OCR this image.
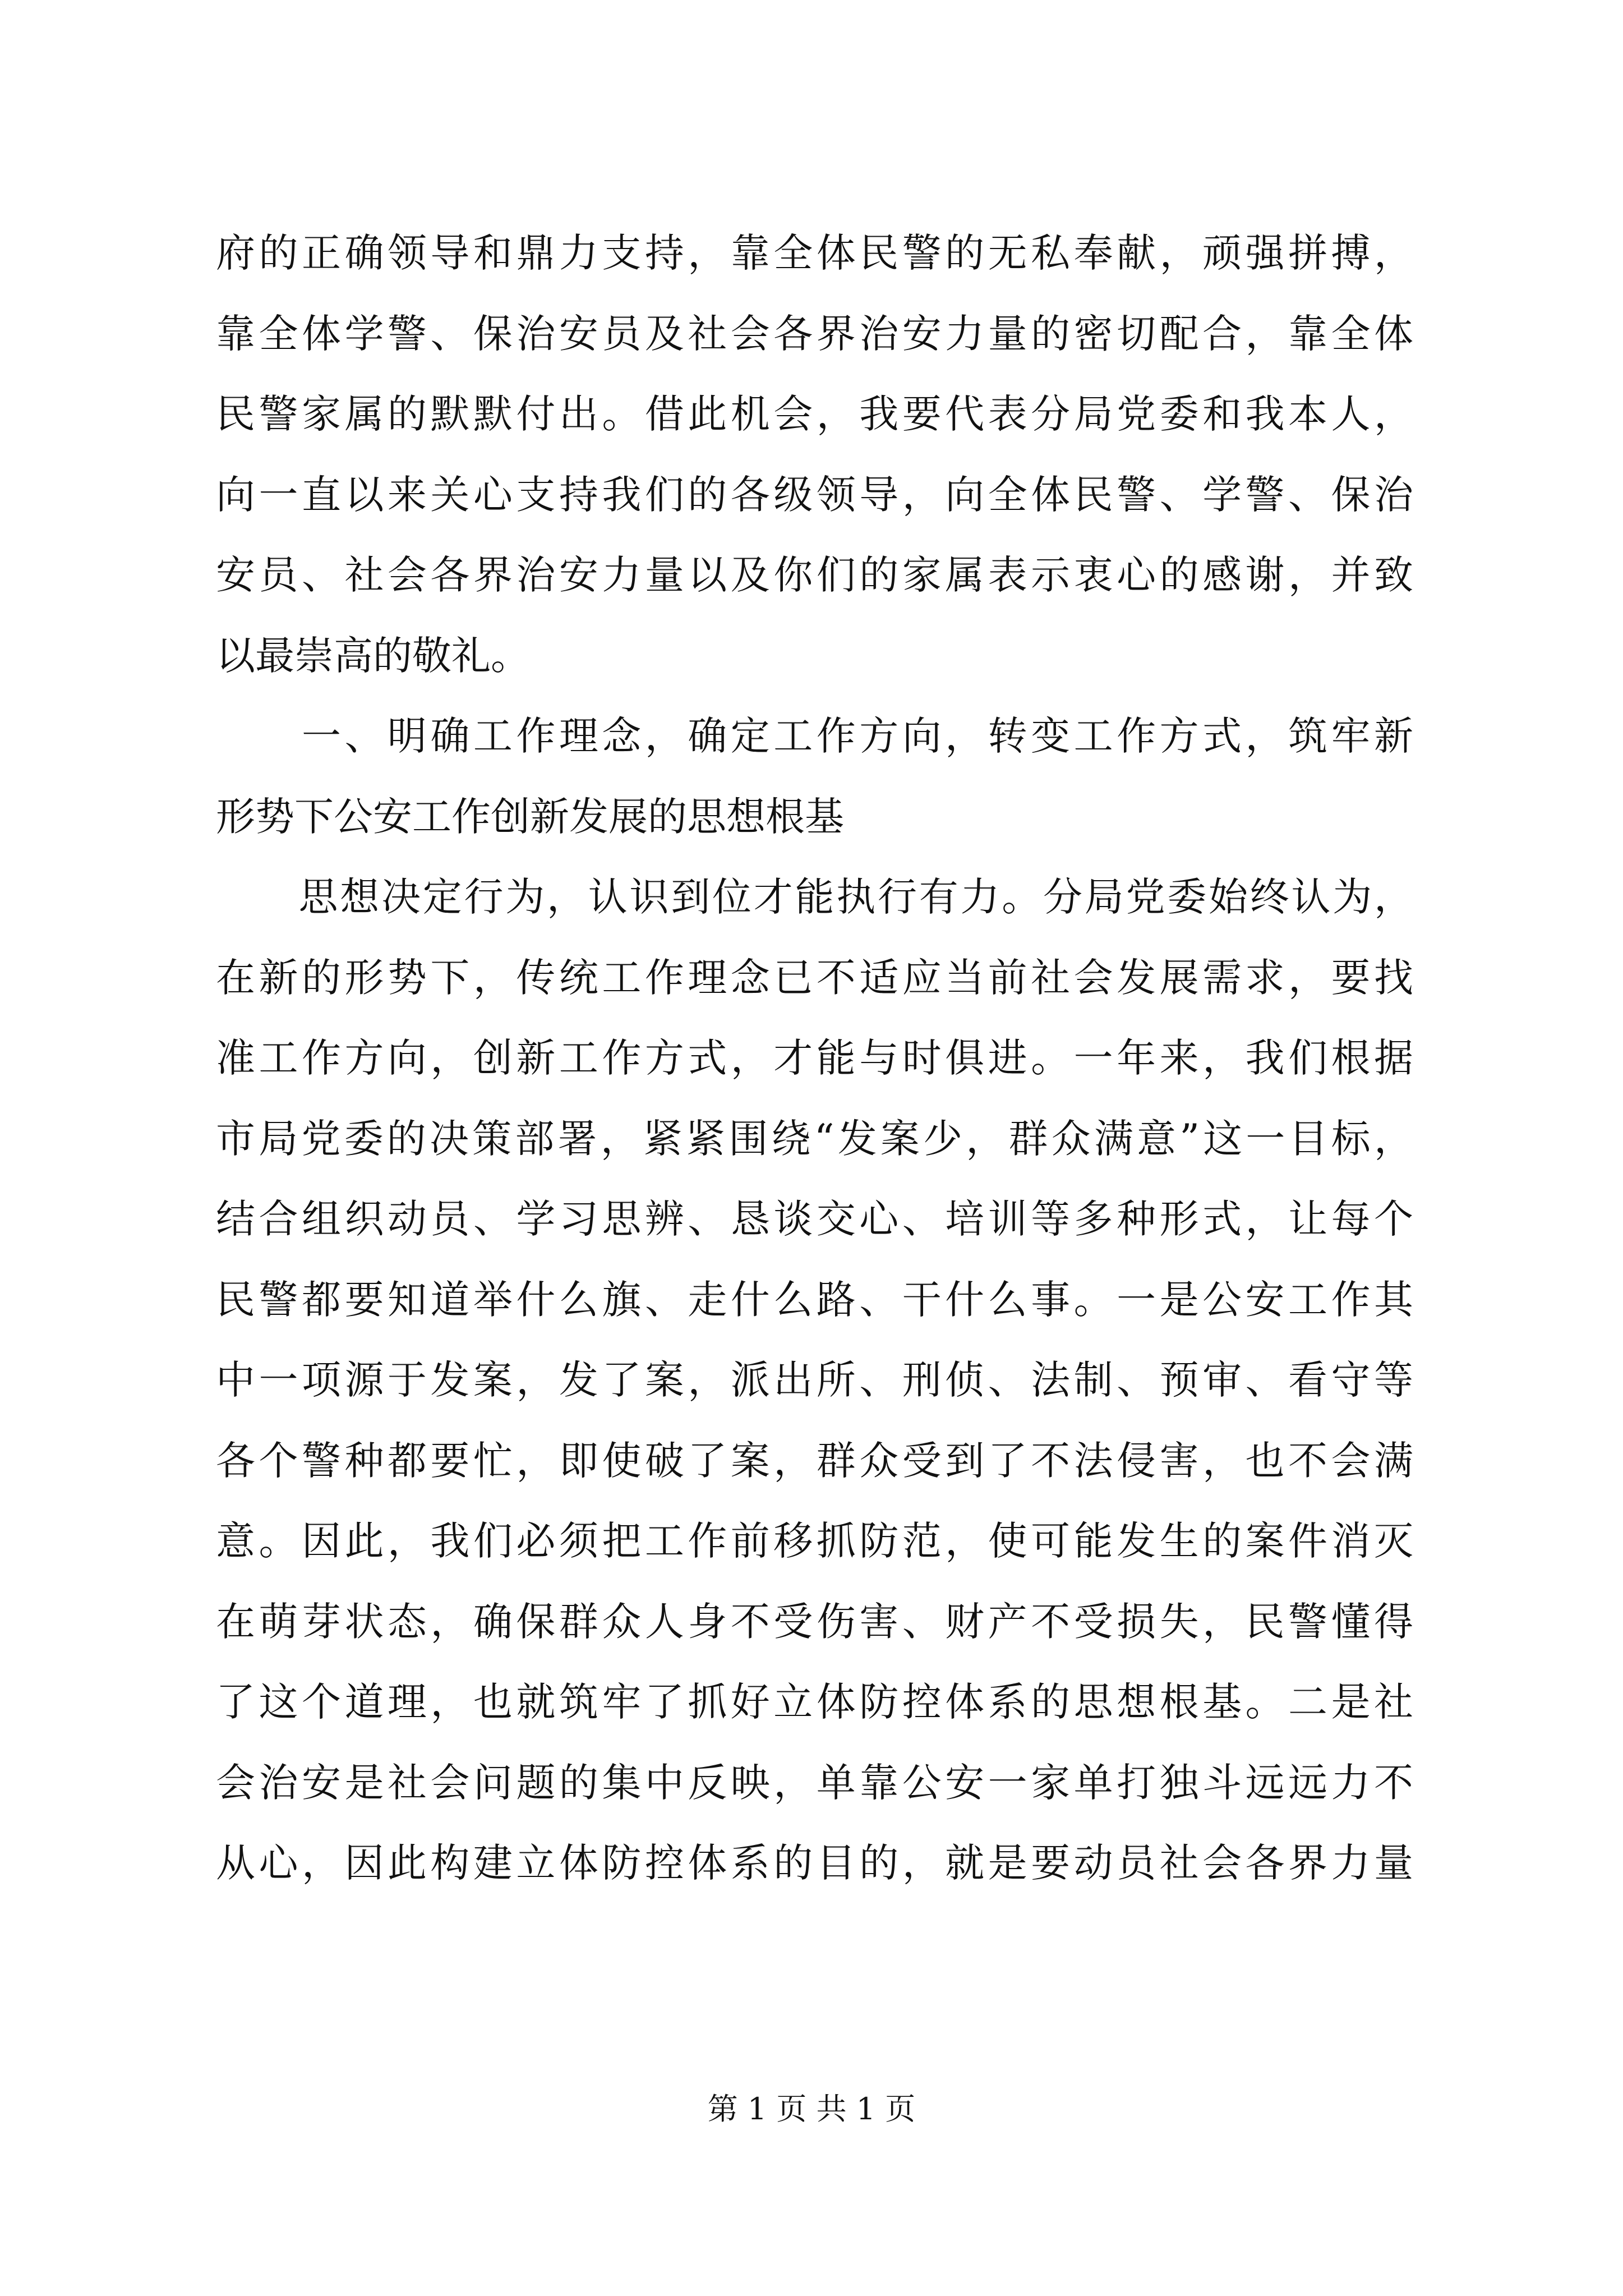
府的正确领导和鼎力支持，靠全体民警的无私奉献，顽强拼搏，
靠全体学警、保治安员及社会各界治安力量的密切配合，靠全体
民警家属的默默付出。借此机会，我要代表分局党委和我本人，
向一直以来关心支持我们的各级领导，向全体民警、学警、保治
安员、社会各界治安力量以及你们的家属表示衷心的感谢，并致
以最崇高的敬礼。
　　一、明确工作理念，确定工作方向，转变工作方式，筑牢新
形势下公安工作创新发展的思想根基
　　思想决定行为，认识到位才能执行有力。分局党委始终认为，
在新的形势下，传统工作理念已不适应当前社会发展需求，要找
准工作方向，创新工作方式，才能与时俱进。一年来，我们根据
市局党委的决策部署，紧紧围绕“发案少，群众满意”这一目标，
结合组织动员、学习思辨、恳谈交心、培训等多种形式，让每个
民警都要知道举什么旗、走什么路、干什么事。一是公安工作其
中一项源于发案，发了案，派出所、刑侦、法制、预审、看守等
各个警种都要忙，即使破了案，群众受到了不法侵害，也不会满
意。因此，我们必须把工作前移抓防范，使可能发生的案件消灭
在萌芽状态，确保群众人身不受伤害、财产不受损失，民警懂得
了这个道理，也就筑牢了抓好立体防控体系的思想根基。二是社
会治安是社会问题的集中反映，单靠公安一家单打独斗远远力不
从心，因此构建立体防控体系的目的，就是要动员社会各界力量
第 1 页 共 1 页
